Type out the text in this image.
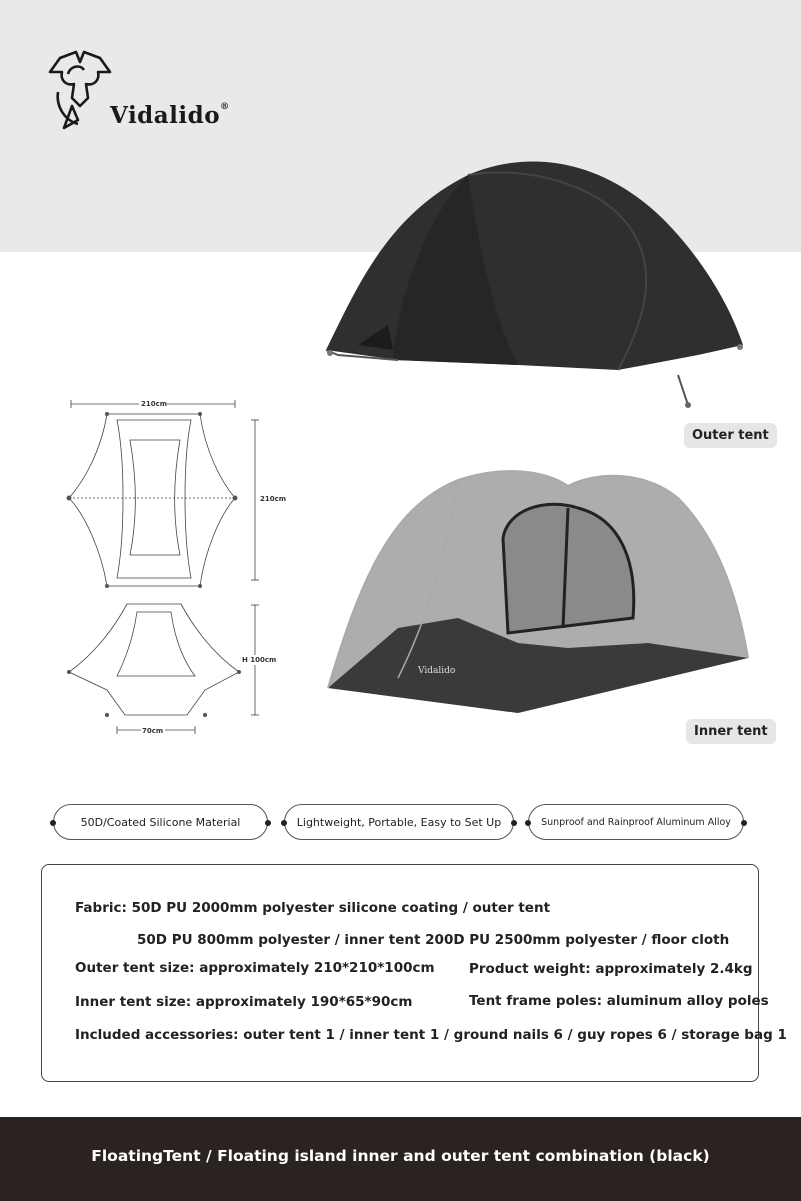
Vidalido®
Outer tent
Vidalido
Inner tent
210cm
210cm
H 100cm
70cm
50D/Coated Silicone Material	Lightweight, Portable, Easy to Set Up	Sunproof and Rainproof Aluminum Alloy
Fabric: 50D PU 2000mm polyester silicone coating / outer tent
50D PU 800mm polyester / inner tent 200D PU 2500mm polyester / floor cloth
Outer tent size: approximately 210*210*100cm	Product weight: approximately 2.4kg
Inner tent size: approximately 190*65*90cm	Tent frame poles: aluminum alloy poles
Included accessories: outer tent 1 / inner tent 1 / ground nails 6 / guy ropes 6 / storage bag 1
FloatingTent / Floating island inner and outer tent combination (black)
